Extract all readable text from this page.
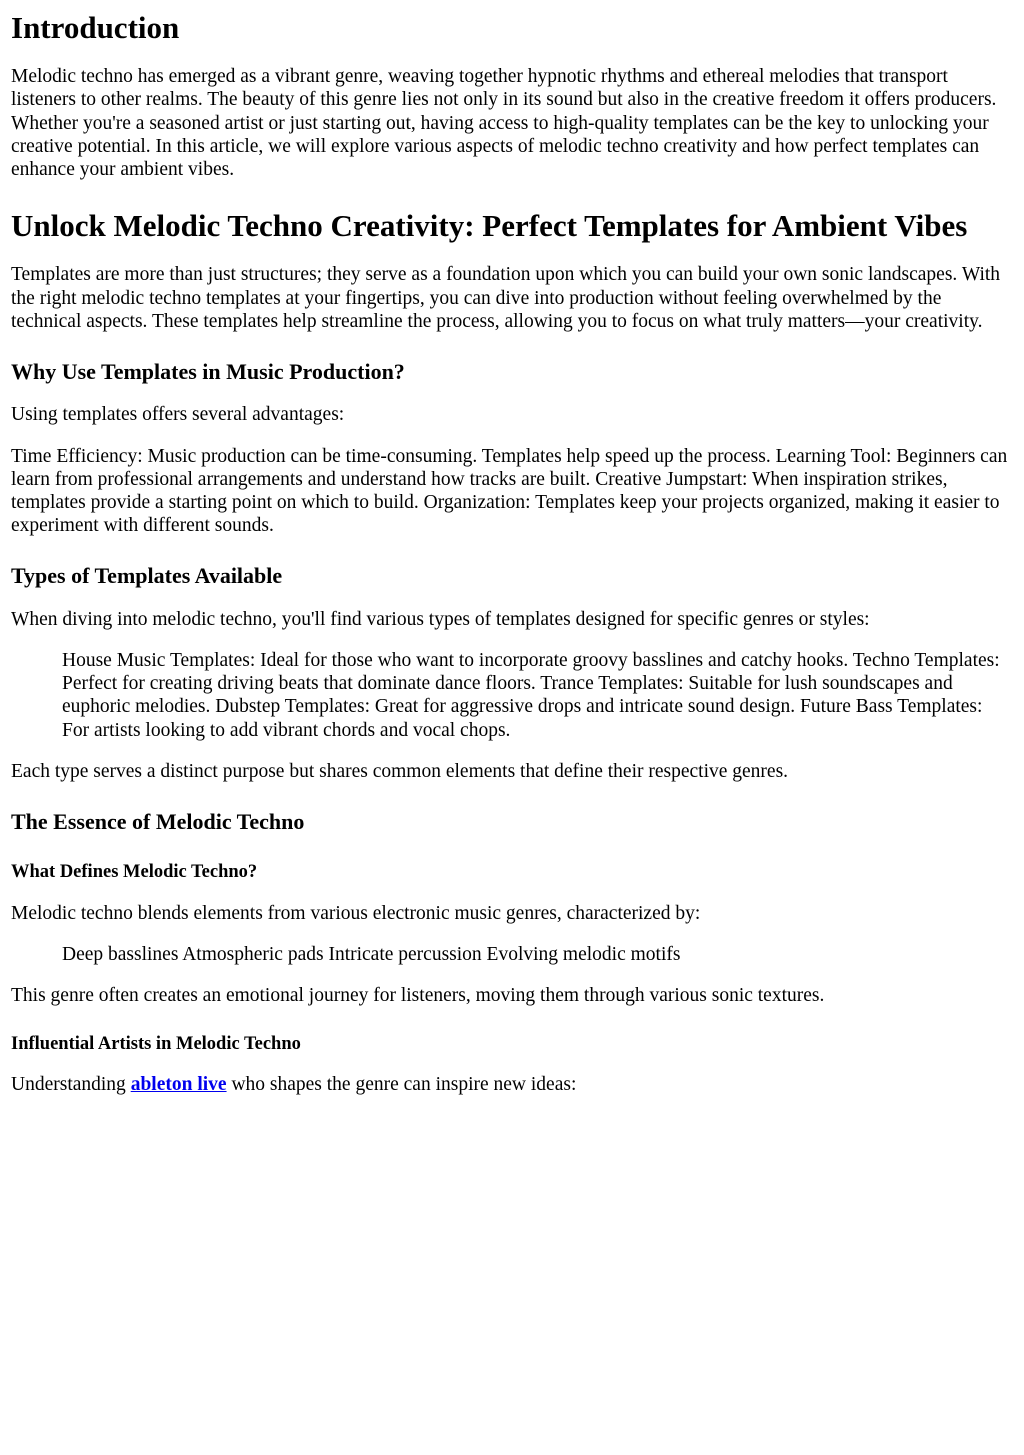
Introduction

Melodic techno has emerged as a vibrant genre, weaving together hypnotic rhythms and ethereal melodies that transport listeners to other realms. The beauty of this genre lies not only in its sound but also in the creative freedom it offers producers. Whether you're a seasoned artist or just starting out, having access to high-quality templates can be the key to unlocking your creative potential. In this article, we will explore various aspects of melodic techno creativity and how perfect templates can enhance your ambient vibes.

Unlock Melodic Techno Creativity: Perfect Templates for Ambient Vibes

Templates are more than just structures; they serve as a foundation upon which you can build your own sonic landscapes. With the right melodic techno templates at your fingertips, you can dive into production without feeling overwhelmed by the technical aspects. These templates help streamline the process, allowing you to focus on what truly matters—your creativity.

Why Use Templates in Music Production?

Using templates offers several advantages:

Time Efficiency: Music production can be time-consuming. Templates help speed up the process. Learning Tool: Beginners can learn from professional arrangements and understand how tracks are built. Creative Jumpstart: When inspiration strikes, templates provide a starting point on which to build. Organization: Templates keep your projects organized, making it easier to experiment with different sounds.

Types of Templates Available

When diving into melodic techno, you'll find various types of templates designed for specific genres or styles:

House Music Templates: Ideal for those who want to incorporate groovy basslines and catchy hooks. Techno Templates: Perfect for creating driving beats that dominate dance floors. Trance Templates: Suitable for lush soundscapes and euphoric melodies. Dubstep Templates: Great for aggressive drops and intricate sound design. Future Bass Templates: For artists looking to add vibrant chords and vocal chops.

Each type serves a distinct purpose but shares common elements that define their respective genres.

The Essence of Melodic Techno
What Defines Melodic Techno?

Melodic techno blends elements from various electronic music genres, characterized by:

Deep basslines Atmospheric pads Intricate percussion Evolving melodic motifs

This genre often creates an emotional journey for listeners, moving them through various sonic textures.

Influential Artists in Melodic Techno

Understanding ableton live who shapes the genre can inspire new ideas:
